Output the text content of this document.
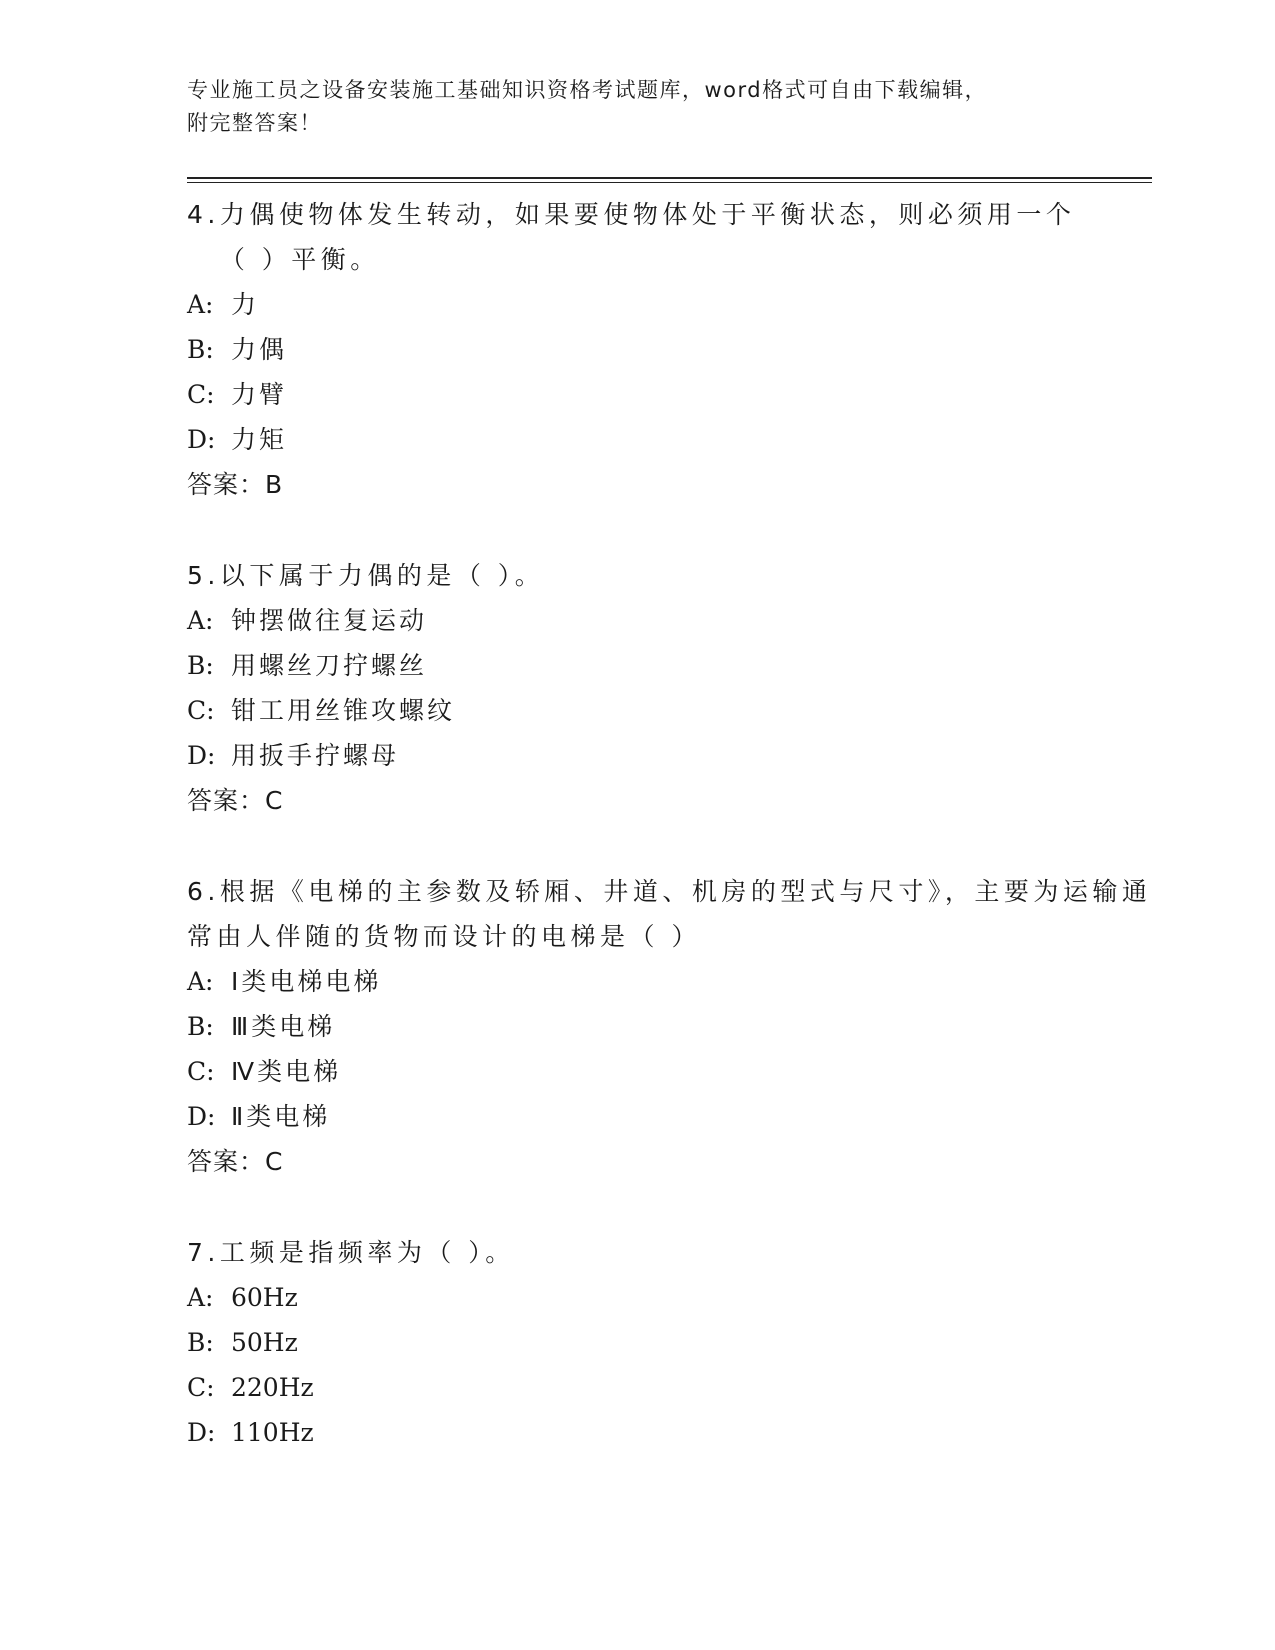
专业施工员之设备安装施工基础知识资格考试题库，word格式可自由下载编辑，
附完整答案！
4.力偶使物体发生转动，如果要使物体处于平衡状态，则必须用一个（ ）平衡。
A: 力
B: 力偶
C: 力臂
D: 力矩
答案：B
5.以下属于力偶的是（ ）。
A: 钟摆做往复运动
B: 用螺丝刀拧螺丝
C: 钳工用丝锥攻螺纹
D: 用扳手拧螺母
答案：C
6.根据《电梯的主参数及轿厢、井道、机房的型式与尺寸》，主要为运输通常由人伴随的货物而设计的电梯是（ ）
A: Ⅰ类电梯电梯
B: Ⅲ类电梯
C: Ⅳ类电梯
D: Ⅱ类电梯
答案：C
7.工频是指频率为（ ）。
A: 60Hz
B: 50Hz
C: 220Hz
D: 110Hz
